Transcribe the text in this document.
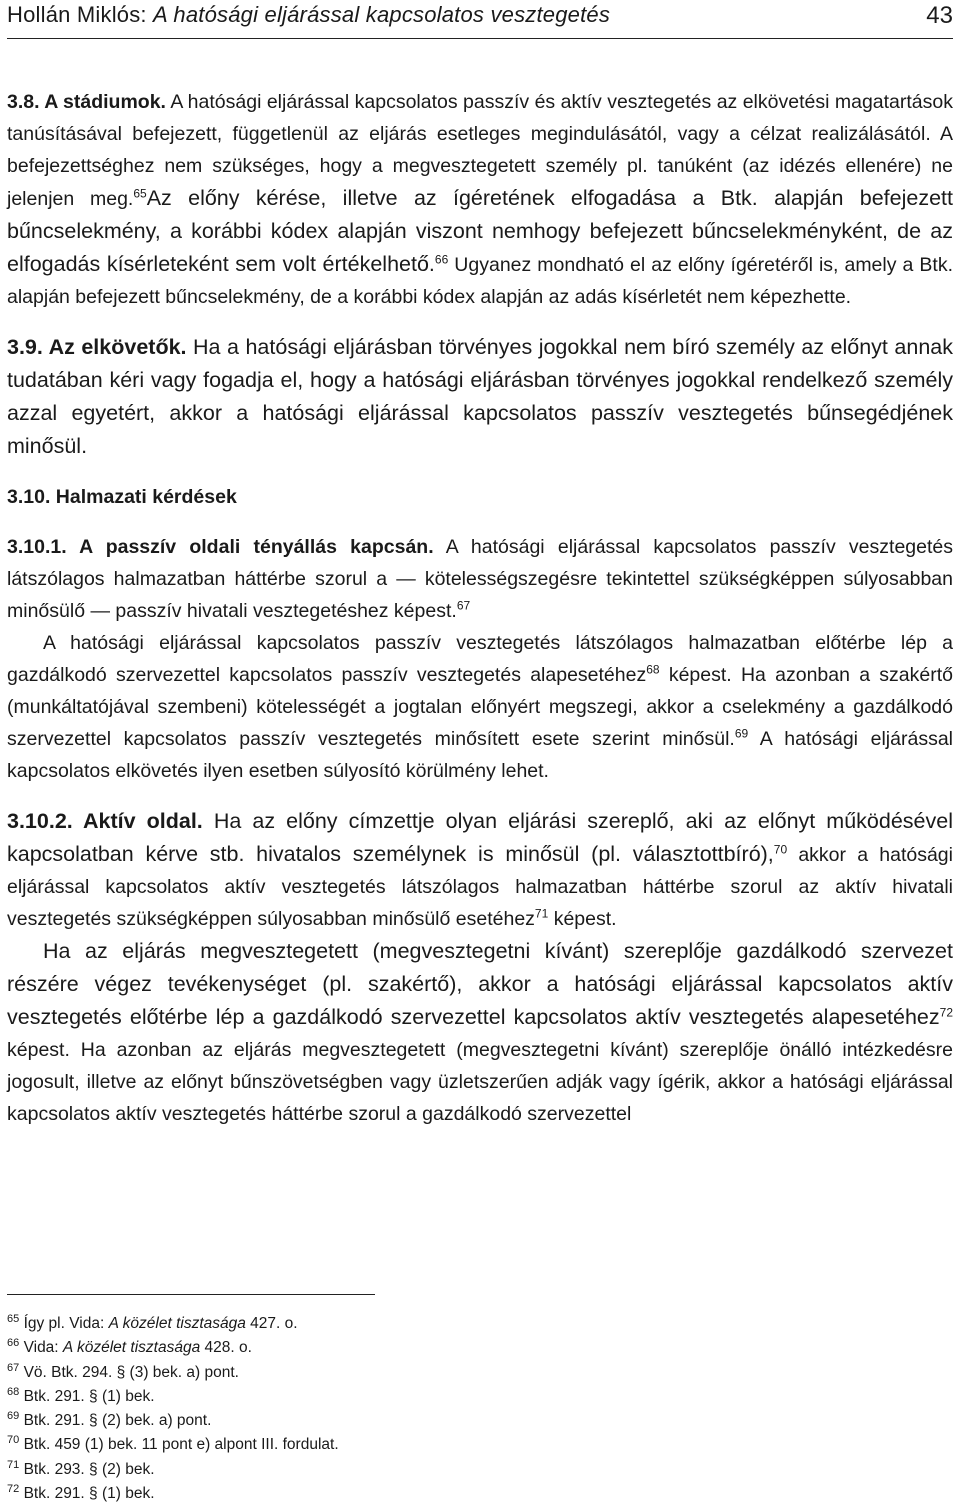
Hollán Miklós: A hatósági eljárással kapcsolatos vesztegetés	43

3.8. A stádiumok. A hatósági eljárással kapcsolatos passzív és aktív vesztegetés az elkövetési magatartások tanúsításával befejezett, függetlenül az eljárás esetleges megindulásától, vagy a célzat realizálásától. A befejezettséghez nem szükséges, hogy a megvesztegetett személy pl. tanúként (az idézés ellenére) ne jelenjen meg.$^{65}$Az előny kérése, illetve az ígéretének elfogadása a Btk. alapján befejezett bűncselekmény, a korábbi kódex alapján viszont nemhogy befejezett bűncselekményként, de az elfogadás kísérleteként sem volt értékelhető.$^{66}$ Ugyanez mondható el az előny ígéretéről is, amely a Btk. alapján befejezett bűncselekmény, de a korábbi kódex alapján az adás kísérletét nem képezhette.

3.9. Az elkövetők. Ha a hatósági eljárásban törvényes jogokkal nem bíró személy az előnyt annak tudatában kéri vagy fogadja el, hogy a hatósági eljárásban törvényes jogokkal rendelkező személy azzal egyetért, akkor a hatósági eljárással kapcsolatos passzív vesztegetés bűnsegédjének minősül.

3.10. Halmazati kérdések

3.10.1. A passzív oldali tényállás kapcsán. A hatósági eljárással kapcsolatos passzív vesztegetés látszólagos halmazatban háttérbe szorul a — kötelességszegésre tekintettel szükségképpen súlyosabban minősülő — passzív hivatali vesztegetéshez képest.$^{67}$

A hatósági eljárással kapcsolatos passzív vesztegetés látszólagos halmazatban előtérbe lép a gazdálkodó szervezettel kapcsolatos passzív vesztegetés alapesetéhez$^{68}$ képest. Ha azonban a szakértő (munkáltatójával szembeni) kötelességét a jogtalan előnyért megszegi, akkor a cselekmény a gazdálkodó szervezettel kapcsolatos passzív vesztegetés minősített esete szerint minősül.$^{69}$ A hatósági eljárással kapcsolatos elkövetés ilyen esetben súlyosító körülmény lehet.

3.10.2. Aktív oldal. Ha az előny címzettje olyan eljárási szereplő, aki az előnyt működésével kapcsolatban kérve stb. hivatalos személynek is minősül (pl. választottbíró),$^{70}$ akkor a hatósági eljárással kapcsolatos aktív vesztegetés látszólagos halmazatban háttérbe szorul az aktív hivatali vesztegetés szükségképpen súlyosabban minősülő esetéhez$^{71}$ képest.

Ha az eljárás megvesztegetett (megvesztegetni kívánt) szereplője gazdálkodó szervezet részére végez tevékenységet (pl. szakértő), akkor a hatósági eljárással kapcsolatos aktív vesztegetés előtérbe lép a gazdálkodó szervezettel kapcsolatos aktív vesztegetés alapesetéhez$^{72}$ képest. Ha azonban az eljárás megvesztegetett (megvesztegetni kívánt) szereplője önálló intézkedésre jogosult, illetve az előnyt bűnszövetségben vagy üzletszerűen adják vagy ígérik, akkor a hatósági eljárással kapcsolatos aktív vesztegetés háttérbe szorul a gazdálkodó szervezettel

$^{65}$ Így pl. Vida: A közélet tisztasága 427. o.
$^{66}$ Vida: A közélet tisztasága 428. o.
$^{67}$ Vö. Btk. 294. § (3) bek. a) pont.
$^{68}$ Btk. 291. § (1) bek.
$^{69}$ Btk. 291. § (2) bek. a) pont.
$^{70}$ Btk. 459 (1) bek. 11 pont e) alpont III. fordulat.
$^{71}$ Btk. 293. § (2) bek.
$^{72}$ Btk. 291. § (1) bek.
